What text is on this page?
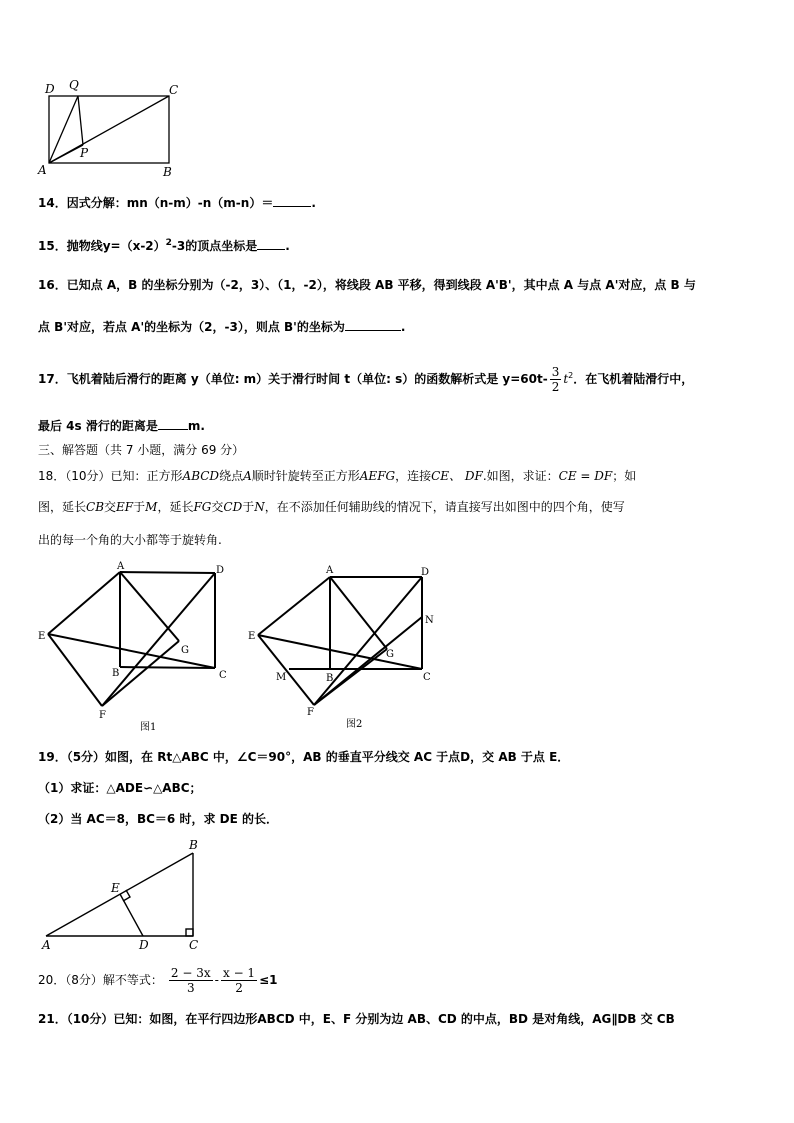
D Q	C
A
P
B
14．因式分解：mn（n-m）-n（m-n）＝	.
15．抛物线$y=(x-2)^2-3$的顶点坐标是 .
16．已知点 A，B 的坐标分别为（-2，3）、（1，-2），将线段 AB 平移，得到线段 A'B'，其中点 A 与点 A'对应，点 B 与
点 B'对应，若点 A'的坐标为（2，-3），则点 B'的坐标为	.
17．飞机着陆后滑行的距离 y（单位: m）关于滑行时间 t（单位: s）的函数解析式是 $y=60t- \frac{3}{2} t^2$．在飞机着陆滑行中，
最后 4s 滑行的距离是	m.
三、解答题（共 7 小题，满分 69 分）
18．（10分）已知：正方形ABCD绕点A顺时针旋转至正方形AEFG，连接CE、 DF.如图，求证：CE = DF；如
图，延长CB交EF于M，延长FG交CD于N，在不添加任何辅助线的情况下，请直接写出如图中的四个角，使写
出的每一个角的大小都等于旋转角.
A	D
E
G
B	C
F
图1
A	D
N
E
G
M	B	C
F
图2
19．（5分）如图，在 Rt△ABC 中，∠C＝90°，AB 的垂直平分线交 AC 于点D，交 AB 于点 E．
（1）求证：△ADE∽△ABC；
（2）当 AC＝8，BC＝6 时，求 DE 的长．
B
E
A	D	C
20．（8分）解不等式： $\frac{2 - 3x}{3} - \frac{x - 1}{2} \le 1$
21．（10分）已知：如图，在平行四边形ABCD 中，E、F 分别为边 AB、CD 的中点，BD 是对角线，AG∥DB 交 CB
